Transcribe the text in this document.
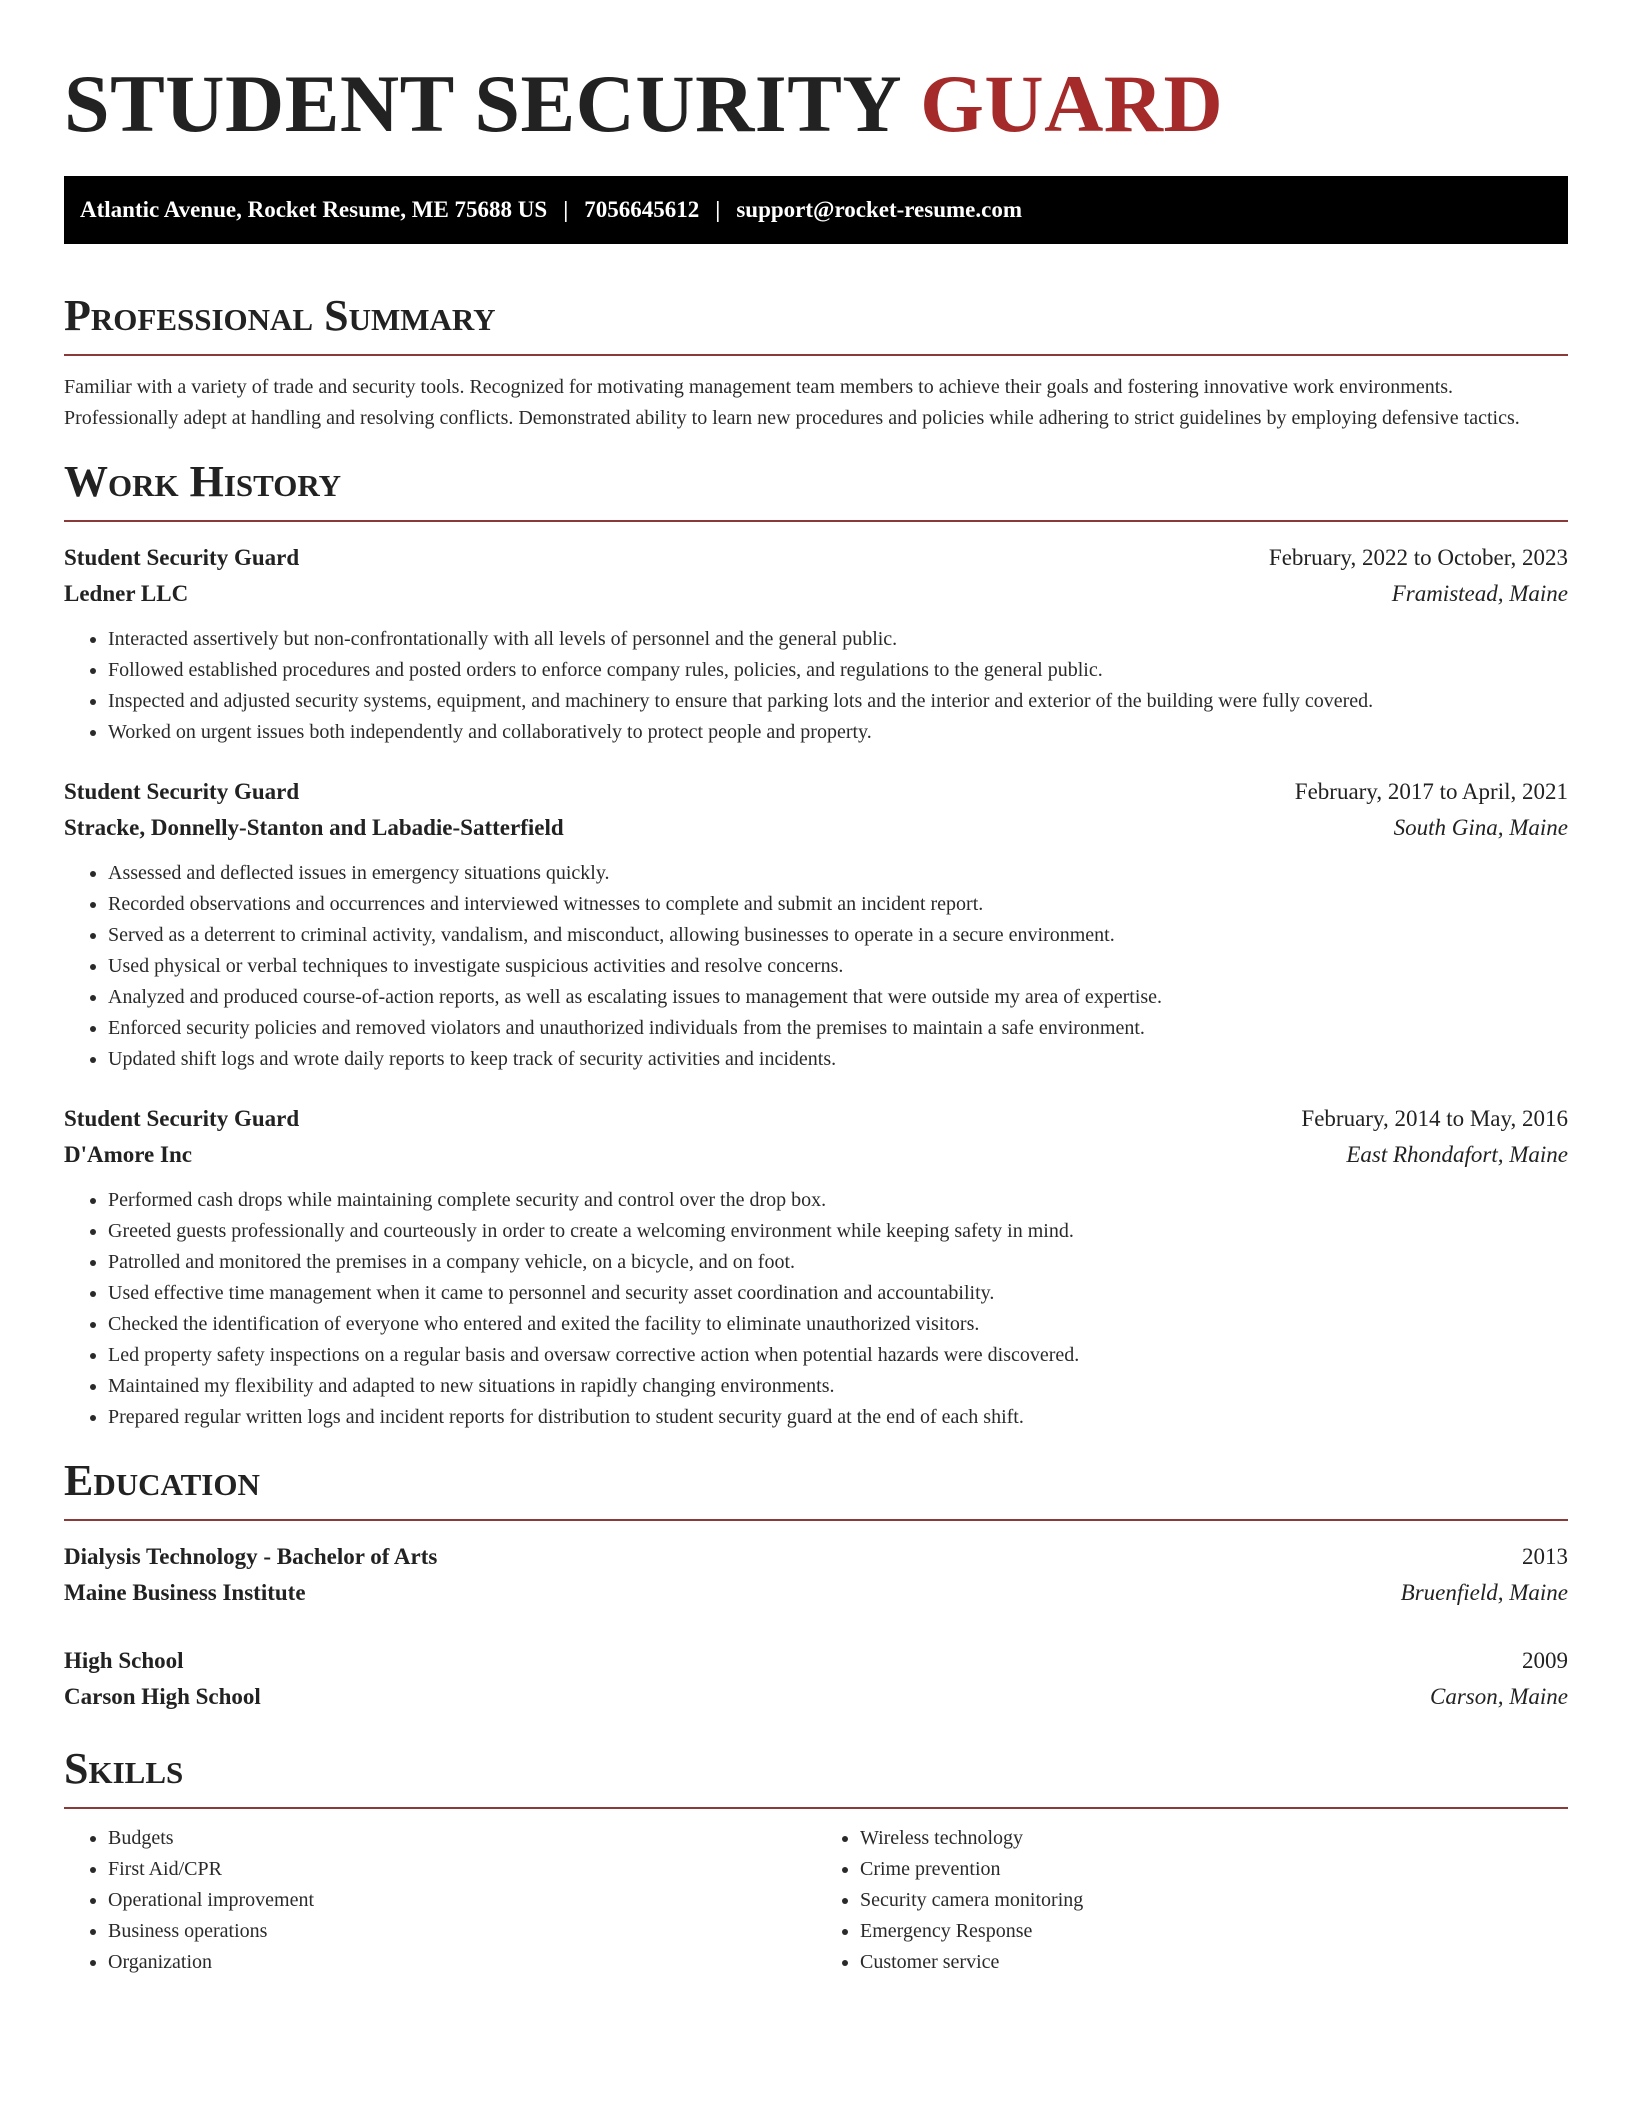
STUDENT SECURITY GUARD
Atlantic Avenue, Rocket Resume, ME 75688 US | 7056645612 | support@rocket-resume.com
Professional Summary
Familiar with a variety of trade and security tools. Recognized for motivating management team members to achieve their goals and fostering innovative work environments. Professionally adept at handling and resolving conflicts. Demonstrated ability to learn new procedures and policies while adhering to strict guidelines by employing defensive tactics.
Work History
Student Security Guard	February, 2022 to October, 2023
Ledner LLC	Framistead, Maine
• Interacted assertively but non-confrontationally with all levels of personnel and the general public.
• Followed established procedures and posted orders to enforce company rules, policies, and regulations to the general public.
• Inspected and adjusted security systems, equipment, and machinery to ensure that parking lots and the interior and exterior of the building were fully covered.
• Worked on urgent issues both independently and collaboratively to protect people and property.
Student Security Guard	February, 2017 to April, 2021
Stracke, Donnelly-Stanton and Labadie-Satterfield	South Gina, Maine
• Assessed and deflected issues in emergency situations quickly.
• Recorded observations and occurrences and interviewed witnesses to complete and submit an incident report.
• Served as a deterrent to criminal activity, vandalism, and misconduct, allowing businesses to operate in a secure environment.
• Used physical or verbal techniques to investigate suspicious activities and resolve concerns.
• Analyzed and produced course-of-action reports, as well as escalating issues to management that were outside my area of expertise.
• Enforced security policies and removed violators and unauthorized individuals from the premises to maintain a safe environment.
• Updated shift logs and wrote daily reports to keep track of security activities and incidents.
Student Security Guard	February, 2014 to May, 2016
D'Amore Inc	East Rhondafort, Maine
• Performed cash drops while maintaining complete security and control over the drop box.
• Greeted guests professionally and courteously in order to create a welcoming environment while keeping safety in mind.
• Patrolled and monitored the premises in a company vehicle, on a bicycle, and on foot.
• Used effective time management when it came to personnel and security asset coordination and accountability.
• Checked the identification of everyone who entered and exited the facility to eliminate unauthorized visitors.
• Led property safety inspections on a regular basis and oversaw corrective action when potential hazards were discovered.
• Maintained my flexibility and adapted to new situations in rapidly changing environments.
• Prepared regular written logs and incident reports for distribution to student security guard at the end of each shift.
Education
Dialysis Technology - Bachelor of Arts	2013
Maine Business Institute	Bruenfield, Maine
High School	2009
Carson High School	Carson, Maine
Skills
• Budgets
• First Aid/CPR
• Operational improvement
• Business operations
• Organization
• Wireless technology
• Crime prevention
• Security camera monitoring
• Emergency Response
• Customer service
